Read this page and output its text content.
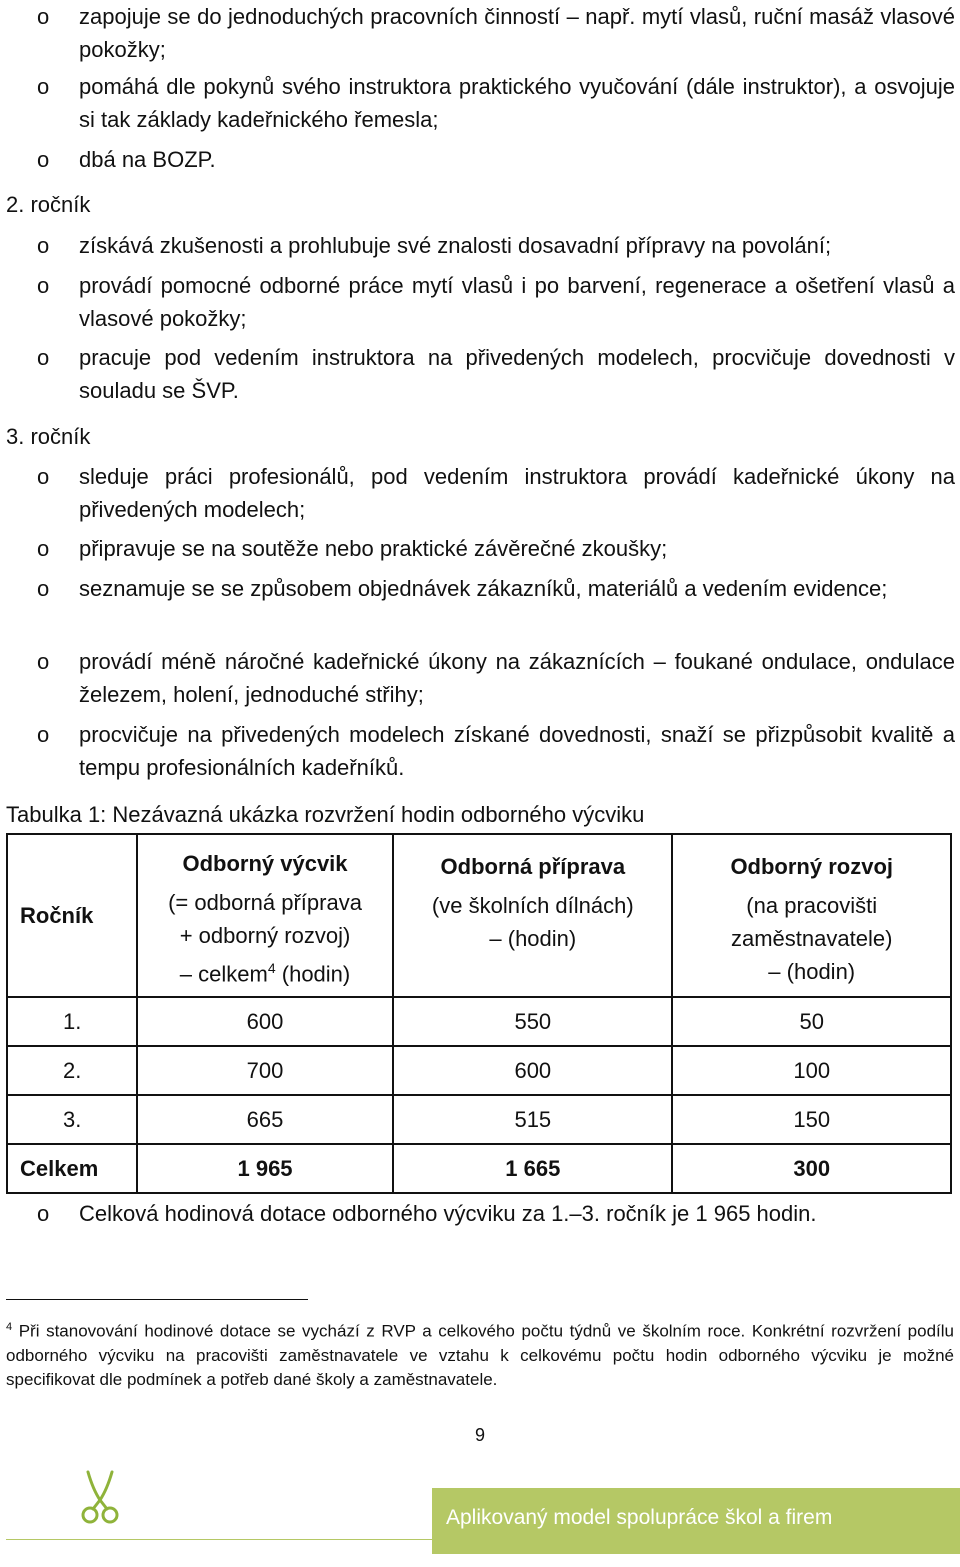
o zapojuje se do jednoduchých pracovních činností – např. mytí vlasů, ruční masáž vlasové pokožky;
o pomáhá dle pokynů svého instruktora praktického vyučování (dále instruktor), a osvojuje si tak základy kadeřnického řemesla;
o dbá na BOZP.
2. ročník
o získává zkušenosti a prohlubuje své znalosti dosavadní přípravy na povolání;
o provádí pomocné odborné práce mytí vlasů i po barvení, regenerace a ošetření vlasů a vlasové pokožky;
o pracuje pod vedením instruktora na přivedených modelech, procvičuje dovednosti v souladu se ŠVP.
3. ročník
o sleduje práci profesionálů, pod vedením instruktora provádí kadeřnické úkony na přivedených modelech;
o připravuje se na soutěže nebo praktické závěrečné zkoušky;
o seznamuje se se způsobem objednávek zákazníků, materiálů a vedením evidence;
o provádí méně náročné kadeřnické úkony na zákaznících – foukané ondulace, ondulace železem, holení, jednoduché střihy;
o procvičuje na přivedených modelech získané dovednosti, snaží se přizpůsobit kvalitě a tempu profesionálních kadeřníků.
Tabulka 1: Nezávazná ukázka rozvržení hodin odborného výcviku
Ročník	Odborný výcvik
(= odborná příprava
+ odborný rozvoj)
– celkem$^4$ (hodin)	Odborná příprava
(ve školních dílnách)
– (hodin)	Odborný rozvoj
(na pracovišti
zaměstnavatele)
– (hodin)

1.	600	550	50
2.	700	600	100
3.	665	515	150
Celkem	1 965	1 665	300
o Celková hodinová dotace odborného výcviku za 1.–3. ročník je 1 965 hodin.
$^4$ Při stanovování hodinové dotace se vychází z RVP a celkového počtu týdnů ve školním roce. Konkrétní rozvržení podílu odborného výcviku na pracovišti zaměstnavatele ve vztahu k celkovému počtu hodin odborného výcviku je možné specifikovat dle podmínek a potřeb dané školy a zaměstnavatele.
9
Aplikovaný model spolupráce škol a firem
